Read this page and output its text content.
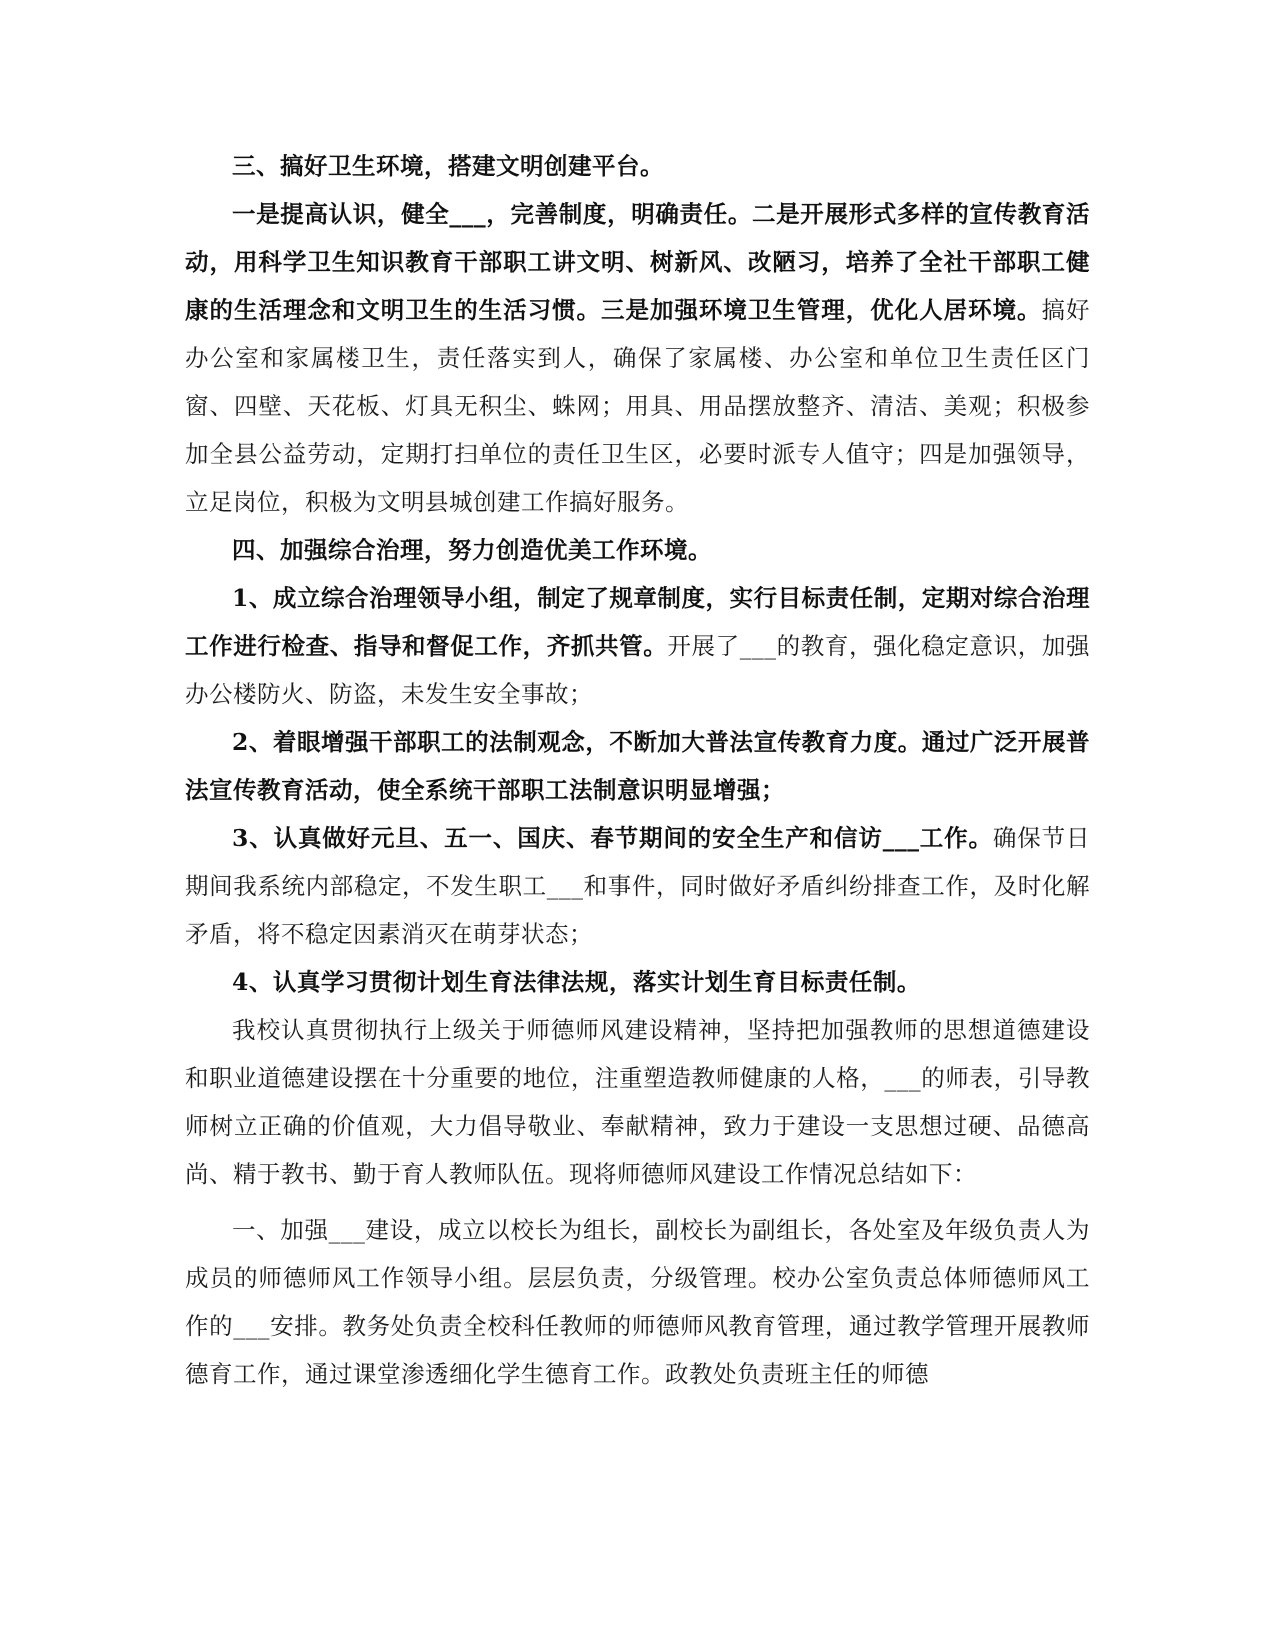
三、搞好卫生环境，搭建文明创建平台。

一是提高认识，健全___，完善制度，明确责任。二是开展形式多样的宣传教育活动，用科学卫生知识教育干部职工讲文明、树新风、改陋习，培养了全社干部职工健康的生活理念和文明卫生的生活习惯。三是加强环境卫生管理，优化人居环境。搞好办公室和家属楼卫生，责任落实到人，确保了家属楼、办公室和单位卫生责任区门窗、四壁、天花板、灯具无积尘、蛛网；用具、用品摆放整齐、清洁、美观；积极参加全县公益劳动，定期打扫单位的责任卫生区，必要时派专人值守；四是加强领导，立足岗位，积极为文明县城创建工作搞好服务。

四、加强综合治理，努力创造优美工作环境。

1、成立综合治理领导小组，制定了规章制度，实行目标责任制，定期对综合治理工作进行检查、指导和督促工作，齐抓共管。开展了___的教育，强化稳定意识，加强办公楼防火、防盗，未发生安全事故；

2、着眼增强干部职工的法制观念，不断加大普法宣传教育力度。通过广泛开展普法宣传教育活动，使全系统干部职工法制意识明显增强；

3、认真做好元旦、五一、国庆、春节期间的安全生产和信访___工作。确保节日期间我系统内部稳定，不发生职工___和事件，同时做好矛盾纠纷排查工作，及时化解矛盾，将不稳定因素消灭在萌芽状态；

4、认真学习贯彻计划生育法律法规，落实计划生育目标责任制。

我校认真贯彻执行上级关于师德师风建设精神，坚持把加强教师的思想道德建设和职业道德建设摆在十分重要的地位，注重塑造教师健康的人格，___的师表，引导教师树立正确的价值观，大力倡导敬业、奉献精神，致力于建设一支思想过硬、品德高尚、精于教书、勤于育人教师队伍。现将师德师风建设工作情况总结如下：

一、加强___建设，成立以校长为组长，副校长为副组长，各处室及年级负责人为成员的师德师风工作领导小组。层层负责，分级管理。校办公室负责总体师德师风工作的___安排。教务处负责全校科任教师的师德师风教育管理，通过教学管理开展教师德育工作，通过课堂渗透细化学生德育工作。政教处负责班主任的师德
